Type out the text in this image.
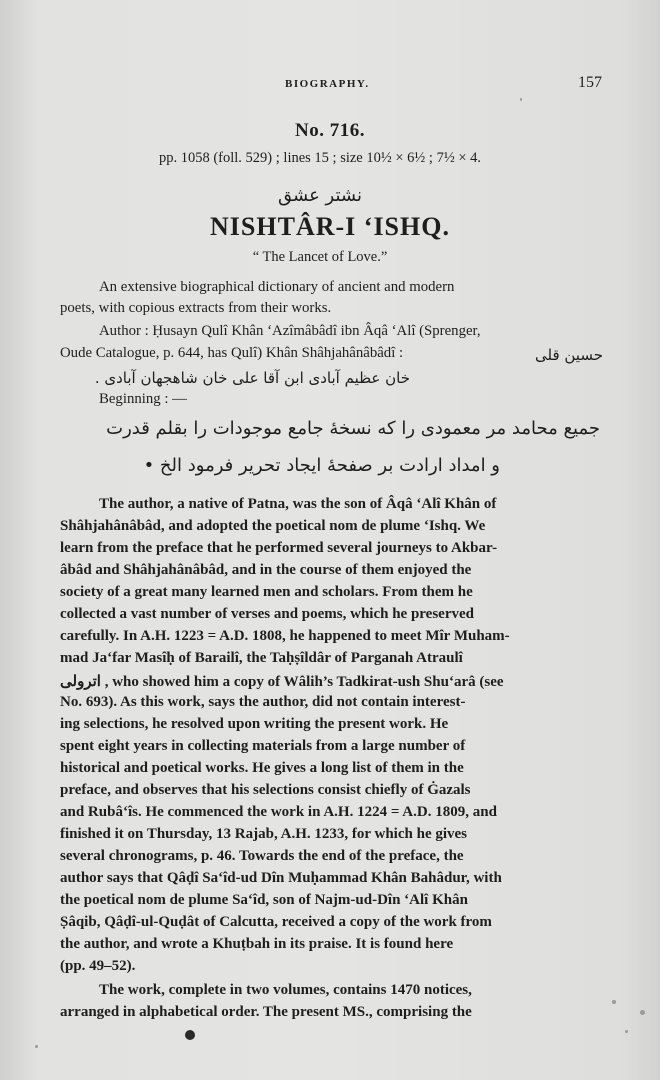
BIOGRAPHY.	157
No. 716.
pp. 1058 (foll. 529) ; lines 15 ; size 10½ × 6½ ; 7½ × 4.
نشتر عشق
NISHTÂR-I ‘ISHQ.
“ The Lancet of Love.”
An extensive biographical dictionary of ancient and modern
poets, with copious extracts from their works.
Author : Ḥusayn Qulî Khân ‘Azîmâbâdî ibn Âqâ ‘Alî (Sprenger,
Oude Catalogue, p. 644, has Qulî) Khân Shâhjahânâbâdî :	حسین قلی
خان عظیم آبادی ابن آقا علی خان شاهجهان آبادی .
Beginning : —
جمیع محامد مر معمودی را که نسخهٔ جامع موجودات را بقلم قدرت
و امداد ارادت بر صفحهٔ ایجاد تحریر فرمود الخ •
The author, a native of Patna, was the son of Âqâ ‘Alî Khân of
Shâhjahânâbâd, and adopted the poetical nom de plume ‘Ishq. We
learn from the preface that he performed several journeys to Akbar-
âbâd and Shâhjahânâbâd, and in the course of them enjoyed the
society of a great many learned men and scholars. From them he
collected a vast number of verses and poems, which he preserved
carefully. In A.H. 1223 = A.D. 1808, he happened to meet Mîr Muham-
mad Ja‘far Masîḥ of Barailî, the Taḥṣîldâr of Parganah Atraulî
اترولی , who showed him a copy of Wâlih’s Tadkirat-ush Shu‘arâ (see
No. 693). As this work, says the author, did not contain interest-
ing selections, he resolved upon writing the present work. He
spent eight years in collecting materials from a large number of
historical and poetical works. He gives a long list of them in the
preface, and observes that his selections consist chiefly of Ġazals
and Rubâ‘îs. He commenced the work in A.H. 1224 = A.D. 1809, and
finished it on Thursday, 13 Rajab, A.H. 1233, for which he gives
several chronograms, p. 46. Towards the end of the preface, the
author says that Qâḍî Sa‘îd-ud Dîn Muḥammad Khân Bahâdur, with
the poetical nom de plume Sa‘îd, son of Najm-ud-Dîn ‘Alî Khân
Ṣâqib, Qâḍî-ul-Quḍât of Calcutta, received a copy of the work from
the author, and wrote a Khuṭbah in its praise. It is found here
(pp. 49–52).
The work, complete in two volumes, contains 1470 notices,
arranged in alphabetical order. The present MS., comprising the
